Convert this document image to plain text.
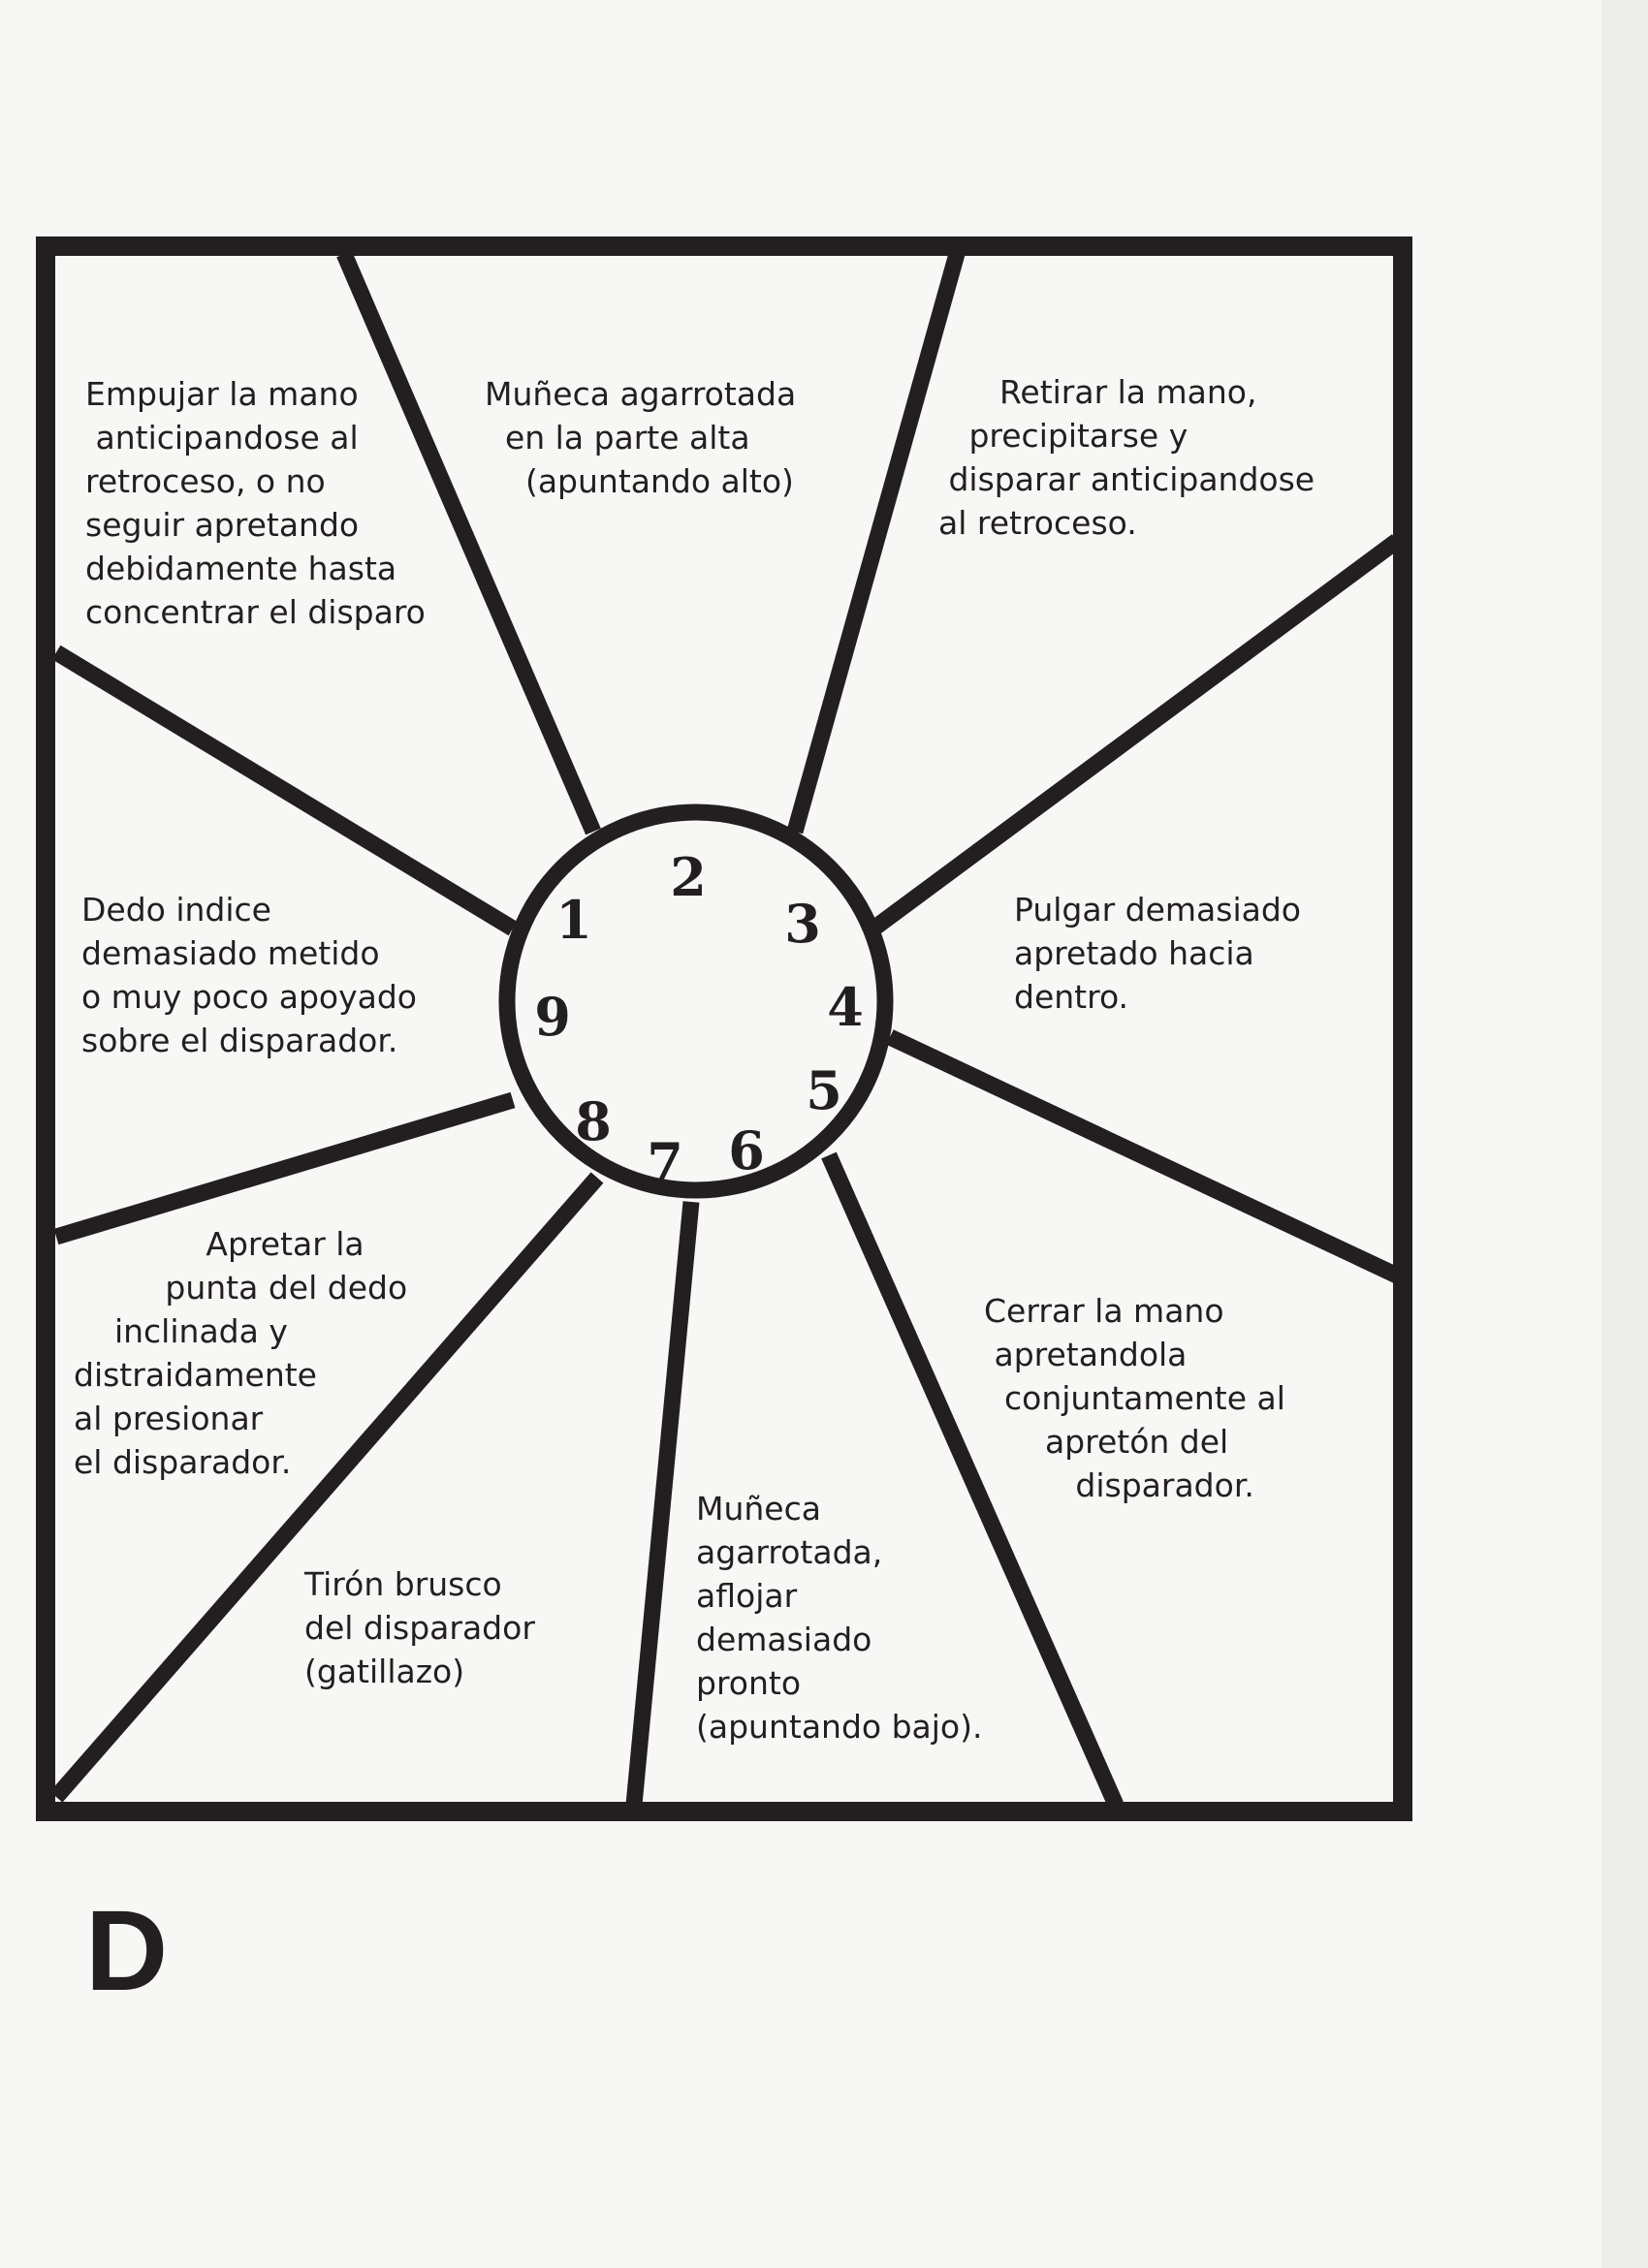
1
2
3
4
5
6
7
8
9
Empujar la mano
anticipandose al
retroceso, o no
seguir apretando
debidamente hasta
concentrar el disparo
Muñeca agarrotada
en la parte alta
(apuntando alto)
Retirar la mano,
precipitarse y
disparar anticipandose
al retroceso.
Pulgar demasiado
apretado hacia
dentro.
Cerrar la mano
apretandola
conjuntamente al
apretón del
disparador.
Muñeca
agarrotada,
aflojar
demasiado
pronto
(apuntando bajo).
Tirón brusco
del disparador
(gatillazo)
Apretar la
punta del dedo
inclinada y
distraidamente
al presionar
el disparador.
Dedo indice
demasiado metido
o muy poco apoyado
sobre el disparador.
D
